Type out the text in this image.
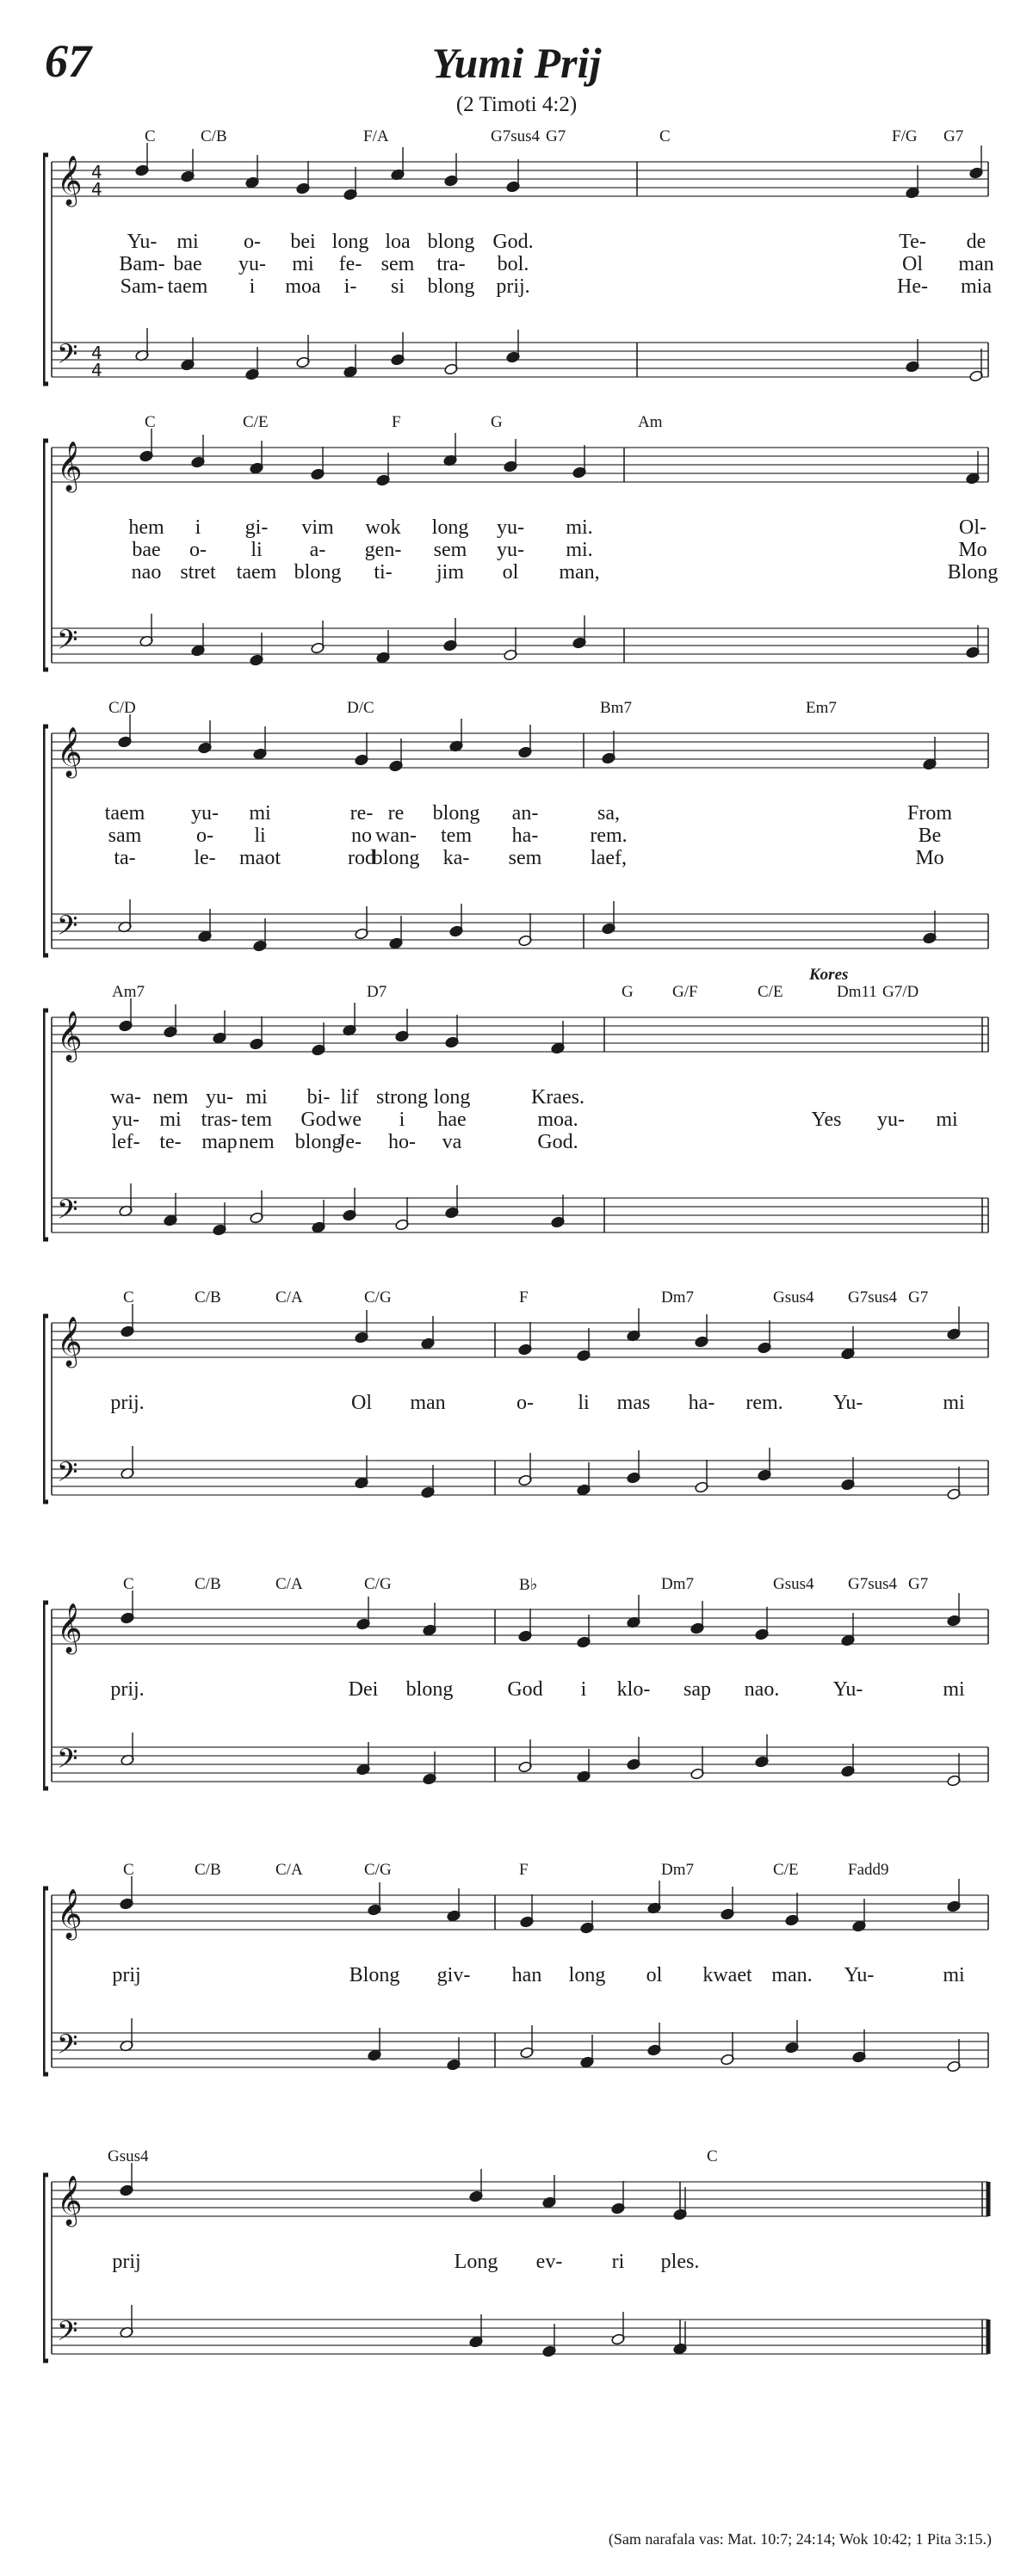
67	Yumi Prij
(2 Timoti 4:2)
C	C/B	F/A	G7sus4 G7	C	F/G G7
𝄞
𝄢
4
4
4
4
Yu- mi o- bei long loa blong God.	Te- de
Bam- bae yu- mi fe- sem tra- bol.	Ol man
Sam- taem i moa i- si blong prij.	He- mia
C	C/E	F	G	Am
𝄞
𝄢
hem i gi- vim wok long yu- mi.	Ol-
bae o- li a- gen- sem yu- mi.	Mo
nao stret taem blong ti- jim ol man,	Blong
C/D	D/C	Bm7	Em7
𝄞
𝄢
taem yu- mi	re- re blong an-	sa,	From
sam	o- li	no wan- tem ha-	rem.	Be
ta-	le- maot	rod
blong ka- sem laef,	Mo
Am7	D7	G G/F	C/E	Dm11 G7/D
Kores
𝄞
𝄢
wa- nem yu- mi bi- lif strong long	Kraes.
yu- mi tras- tem God we i hae	moa.	Yes yu- mi
lef- te- map nem blong
Je- ho- va	God.
C	C/B	C/A	C/G	F	Dm7	Gsus4 G7sus4 G7
𝄞
𝄢
prij.	Ol man	o- li mas ha- rem. Yu-	mi
C	C/B	C/A	C/G	B♭	Dm7	Gsus4 G7sus4 G7
𝄞
𝄢
prij.	Dei blong	God i klo- sap nao.	Yu-	mi
C	C/B	C/A	C/G	F	Dm7	C/E	Fadd9
𝄞
𝄢
prij	Blong giv- han long ol kwaet man. Yu-	mi
Gsus4	C
𝄞
𝄢
prij	Long ev- ri ples.
(Sam narafala vas: Mat. 10:7; 24:14; Wok 10:42; 1 Pita 3:15.)
